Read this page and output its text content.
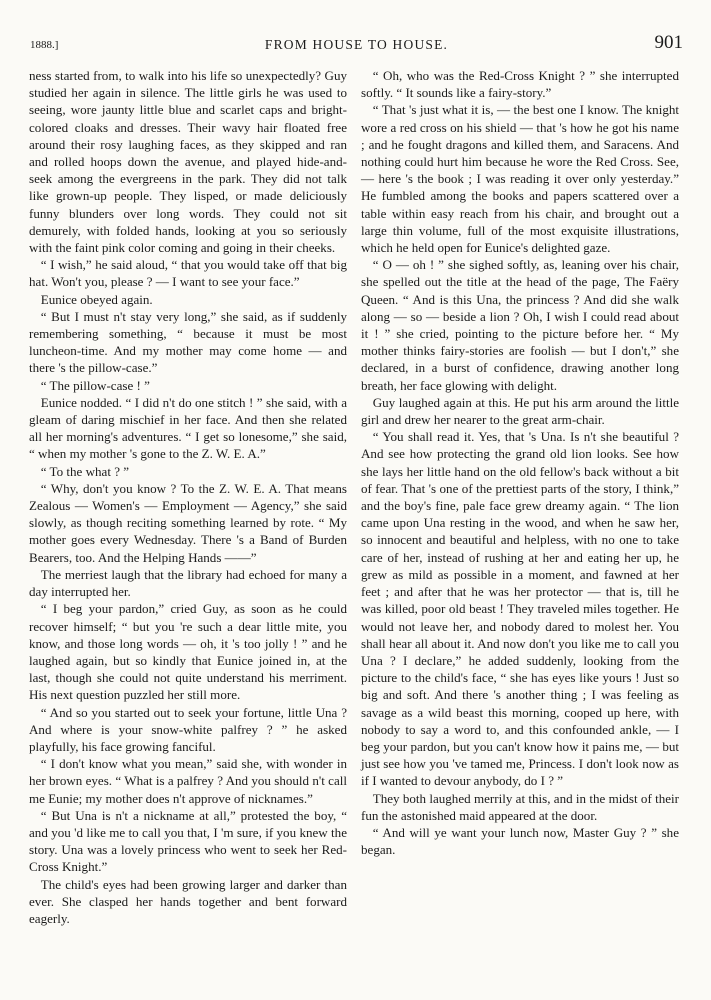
1888.]	FROM HOUSE TO HOUSE.	901

ness started from, to walk into his life so unexpectedly? Guy studied her again in silence. The little girls he was used to seeing, wore jaunty little blue and scarlet caps and bright-colored cloaks and dresses. Their wavy hair floated free around their rosy laughing faces, as they skipped and ran and rolled hoops down the avenue, and played hide-and-seek among the evergreens in the park. They did not talk like grown-up people. They lisped, or made deliciously funny blunders over long words. They could not sit demurely, with folded hands, looking at you so seriously with the faint pink color coming and going in their cheeks.

“ I wish,” he said aloud, “ that you would take off that big hat. Won't you, please ? — I want to see your face.”

Eunice obeyed again.

“ But I must n't stay very long,” she said, as if suddenly remembering something, “ because it must be most luncheon-time. And my mother may come home — and there 's the pillow-case.”

“ The pillow-case ! ”

Eunice nodded. “ I did n't do one stitch ! ” she said, with a gleam of daring mischief in her face. And then she related all her morning's adventures. “ I get so lonesome,” she said, “ when my mother 's gone to the Z. W. E. A.”

“ To the what ? ”

“ Why, don't you know ? To the Z. W. E. A. That means Zealous — Women's — Employment — Agency,” she said slowly, as though reciting something learned by rote. “ My mother goes every Wednesday. There 's a Band of Burden Bearers, too. And the Helping Hands ——”

The merriest laugh that the library had echoed for many a day interrupted her.

“ I beg your pardon,” cried Guy, as soon as he could recover himself; “ but you 're such a dear little mite, you know, and those long words — oh, it 's too jolly ! ” and he laughed again, but so kindly that Eunice joined in, at the last, though she could not quite understand his merriment. His next question puzzled her still more.

“ And so you started out to seek your fortune, little Una ? And where is your snow-white palfrey ? ” he asked playfully, his face growing fanciful.

“ I don't know what you mean,” said she, with wonder in her brown eyes. “ What is a palfrey ? And you should n't call me Eunie; my mother does n't approve of nicknames.”

“ But Una is n't a nickname at all,” protested the boy, “ and you 'd like me to call you that, I 'm sure, if you knew the story. Una was a lovely princess who went to seek her Red-Cross Knight.”

The child's eyes had been growing larger and darker than ever. She clasped her hands together and bent forward eagerly.

“ Oh, who was the Red-Cross Knight ? ” she interrupted softly. “ It sounds like a fairy-story.”

“ That 's just what it is, — the best one I know. The knight wore a red cross on his shield — that 's how he got his name ; and he fought dragons and killed them, and Saracens. And nothing could hurt him because he wore the Red Cross. See, — here 's the book ; I was reading it over only yesterday.” He fumbled among the books and papers scattered over a table within easy reach from his chair, and brought out a large thin volume, full of the most exquisite illustrations, which he held open for Eunice's delighted gaze.

“ O — oh ! ” she sighed softly, as, leaning over his chair, she spelled out the title at the head of the page, The Faëry Queen. “ And is this Una, the princess ? And did she walk along — so — beside a lion ? Oh, I wish I could read about it ! ” she cried, pointing to the picture before her. “ My mother thinks fairy-stories are foolish — but I don't,” she declared, in a burst of confidence, drawing another long breath, her face glowing with delight.

Guy laughed again at this. He put his arm around the little girl and drew her nearer to the great arm-chair.

“ You shall read it. Yes, that 's Una. Is n't she beautiful ? And see how protecting the grand old lion looks. See how she lays her little hand on the old fellow's back without a bit of fear. That 's one of the prettiest parts of the story, I think,” and the boy's fine, pale face grew dreamy again. “ The lion came upon Una resting in the wood, and when he saw her, so innocent and beautiful and helpless, with no one to take care of her, instead of rushing at her and eating her up, he grew as mild as possible in a moment, and fawned at her feet ; and after that he was her protector — that is, till he was killed, poor old beast ! They traveled miles together. He would not leave her, and nobody dared to molest her. You shall hear all about it. And now don't you like me to call you Una ? I declare,” he added suddenly, looking from the picture to the child's face, “ she has eyes like yours ! Just so big and soft. And there 's another thing ; I was feeling as savage as a wild beast this morning, cooped up here, with nobody to say a word to, and this confounded ankle, — I beg your pardon, but you can't know how it pains me, — but just see how you 've tamed me, Princess. I don't look now as if I wanted to devour anybody, do I ? ”

They both laughed merrily at this, and in the midst of their fun the astonished maid appeared at the door.

“ And will ye want your lunch now, Master Guy ? ” she began.
